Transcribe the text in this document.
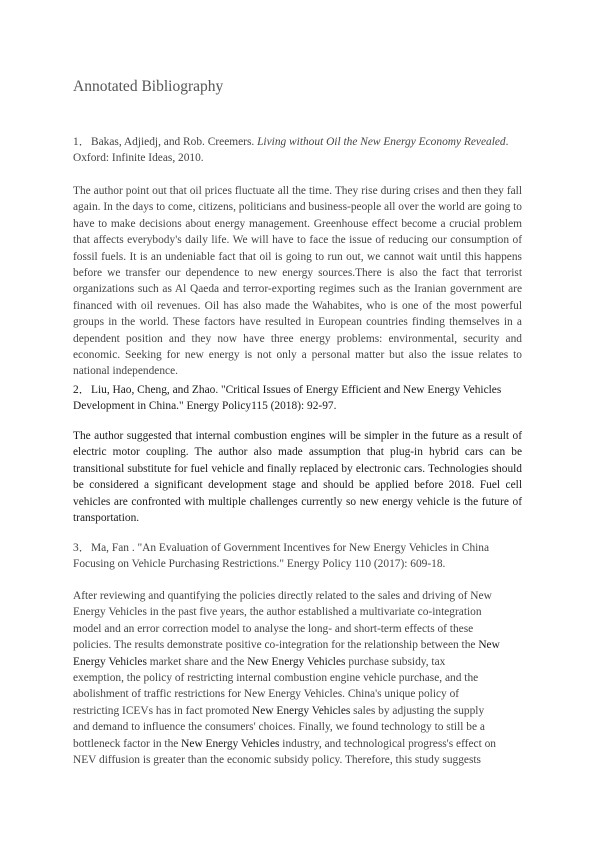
Annotated Bibliography
1．Bakas, Adjiedj, and Rob. Creemers. Living without Oil the New Energy Economy Revealed.
Oxford: Infinite Ideas, 2010.
The author point out that oil prices fluctuate all the time. They rise during crises and then they fall again. In the days to come, citizens, politicians and business-people all over the world are going to have to make decisions about energy management. Greenhouse effect become a crucial problem that affects everybody's daily life. We will have to face the issue of reducing our consumption of fossil fuels. It is an undeniable fact that oil is going to run out, we cannot wait until this happens before we transfer our dependence to new energy sources.There is also the fact that terrorist organizations such as Al Qaeda and terror-exporting regimes such as the Iranian government are financed with oil revenues. Oil has also made the Wahabites, who is one of the most powerful groups in the world. These factors have resulted in European countries finding themselves in a dependent position and they now have three energy problems: environmental, security and economic. Seeking for new energy is not only a personal matter but also the issue relates to national independence.
2．Liu, Hao, Cheng, and Zhao. "Critical Issues of Energy Efficient and New Energy Vehicles
Development in China." Energy Policy115 (2018): 92-97.
The author suggested that internal combustion engines will be simpler in the future as a result of electric motor coupling. The author also made assumption that plug-in hybrid cars can be transitional substitute for fuel vehicle and finally replaced by electronic cars. Technologies should be considered a significant development stage and should be applied before 2018. Fuel cell vehicles are confronted with multiple challenges currently so new energy vehicle is the future of transportation.
3．Ma, Fan . "An Evaluation of Government Incentives for New Energy Vehicles in China
Focusing on Vehicle Purchasing Restrictions." Energy Policy 110 (2017): 609-18.
After reviewing and quantifying the policies directly related to the sales and driving of New
Energy Vehicles in the past five years, the author established a multivariate co-integration
model and an error correction model to analyse the long- and short-term effects of these
policies. The results demonstrate positive co-integration for the relationship between the New
Energy Vehicles market share and the New Energy Vehicles purchase subsidy, tax
exemption, the policy of restricting internal combustion engine vehicle purchase, and the
abolishment of traffic restrictions for New Energy Vehicles. China's unique policy of
restricting ICEVs has in fact promoted New Energy Vehicles sales by adjusting the supply
and demand to influence the consumers' choices. Finally, we found technology to still be a
bottleneck factor in the New Energy Vehicles industry, and technological progress's effect on
NEV diffusion is greater than the economic subsidy policy. Therefore, this study suggests
